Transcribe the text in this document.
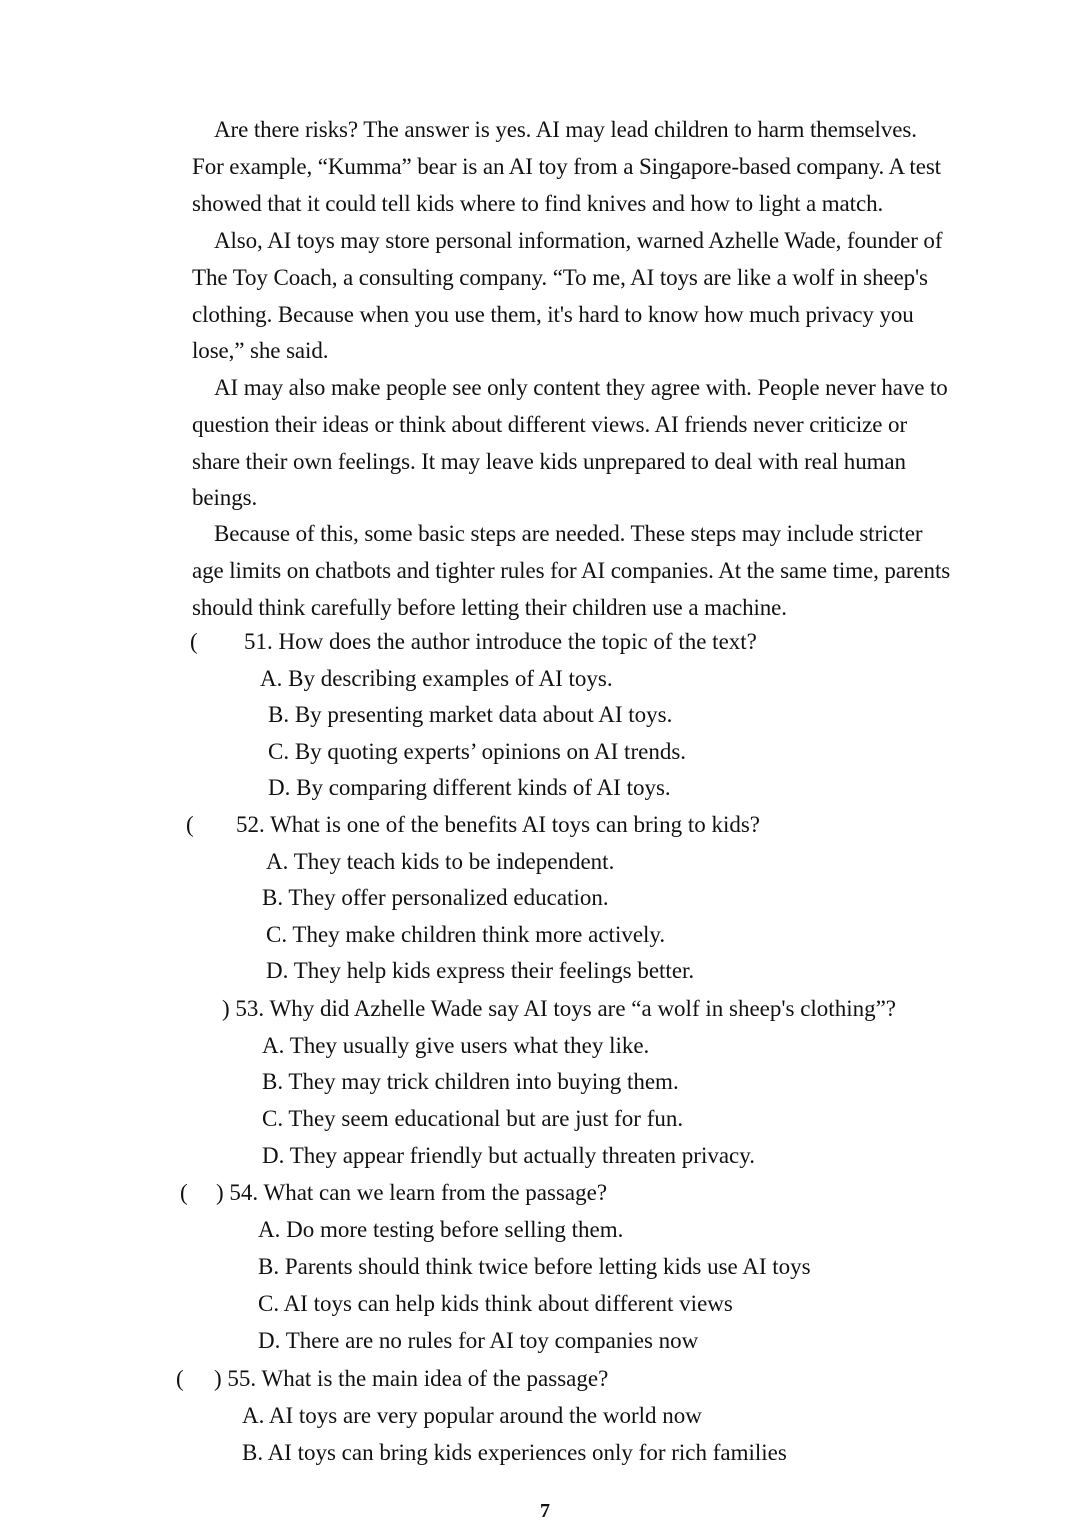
Are there risks? The answer is yes. AI may lead children to harm themselves. For example, “Kumma” bear is an AI toy from a Singapore-based company. A test showed that it could tell kids where to find knives and how to light a match.

Also, AI toys may store personal information, warned Azhelle Wade, founder of The Toy Coach, a consulting company. “To me, AI toys are like a wolf in sheep's clothing. Because when you use them, it's hard to know how much privacy you lose,” she said.

AI may also make people see only content they agree with. People never have to question their ideas or think about different views. AI friends never criticize or share their own feelings. It may leave kids unprepared to deal with real human beings.

Because of this, some basic steps are needed. These steps may include stricter age limits on chatbots and tighter rules for AI companies. At the same time, parents should think carefully before letting their children use a machine.

( 51. How does the author introduce the topic of the text?
A. By describing examples of AI toys.
B. By presenting market data about AI toys.
C. By quoting experts’ opinions on AI trends.
D. By comparing different kinds of AI toys.
( 52. What is one of the benefits AI toys can bring to kids?
A. They teach kids to be independent.
B. They offer personalized education.
C. They make children think more actively.
D. They help kids express their feelings better.
) 53. Why did Azhelle Wade say AI toys are “a wolf in sheep's clothing”?
A. They usually give users what they like.
B. They may trick children into buying them.
C. They seem educational but are just for fun.
D. They appear friendly but actually threaten privacy.
( ) 54. What can we learn from the passage?
A. Do more testing before selling them.
B. Parents should think twice before letting kids use AI toys
C. AI toys can help kids think about different views
D. There are no rules for AI toy companies now
( ) 55. What is the main idea of the passage?
A. AI toys are very popular around the world now
B. AI toys can bring kids experiences only for rich families
7
